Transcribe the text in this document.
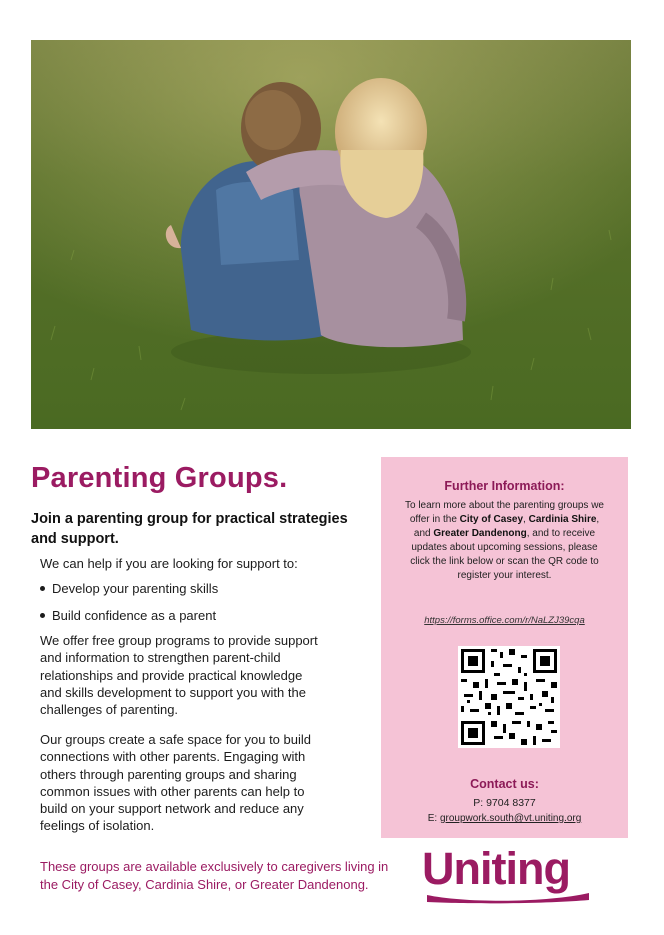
Parenting Groups.

Join a parenting group for practical strategies and support.

We can help if you are looking for support to:

Develop your parenting skills
Build confidence as a parent

We offer free group programs to provide support and information to strengthen parent-child relationships and provide practical knowledge and skills development to support you with the challenges of parenting.

Our groups create a safe space for you to build connections with other parents. Engaging with others through parenting groups and sharing common issues with other parents can help to build on your support network and reduce any feelings of isolation.

These groups are available exclusively to caregivers living in the City of Casey, Cardinia Shire, or Greater Dandenong.

Further Information:

To learn more about the parenting groups we offer in the City of Casey, Cardinia Shire, and Greater Dandenong, and to receive updates about upcoming sessions, please click the link below or scan the QR code to register your interest.

https://forms.office.com/r/NaLZJ39cqa
Contact us:
P: 9704 8377
E: groupwork.south@vt.uniting.org
Uniting
